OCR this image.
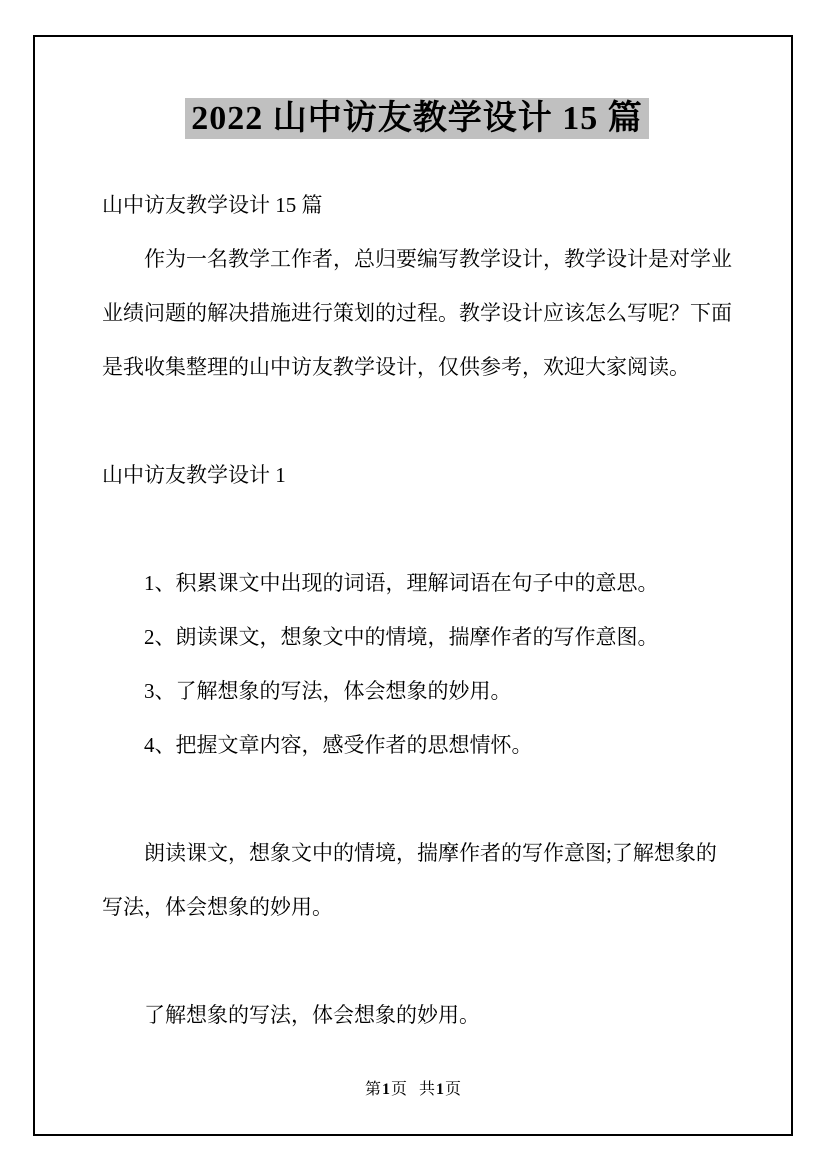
2022 山中访友教学设计 15 篇

山中访友教学设计 15 篇

作为一名教学工作者，总归要编写教学设计，教学设计是对学业业绩问题的解决措施进行策划的过程。教学设计应该怎么写呢？下面是我收集整理的山中访友教学设计，仅供参考，欢迎大家阅读。

山中访友教学设计 1

1、积累课文中出现的词语，理解词语在句子中的意思。

2、朗读课文，想象文中的情境，揣摩作者的写作意图。

3、了解想象的写法，体会想象的妙用。

4、把握文章内容，感受作者的思想情怀。

朗读课文，想象文中的情境，揣摩作者的写作意图;了解想象的写法，体会想象的妙用。

了解想象的写法，体会想象的妙用。

第1页 共1页
